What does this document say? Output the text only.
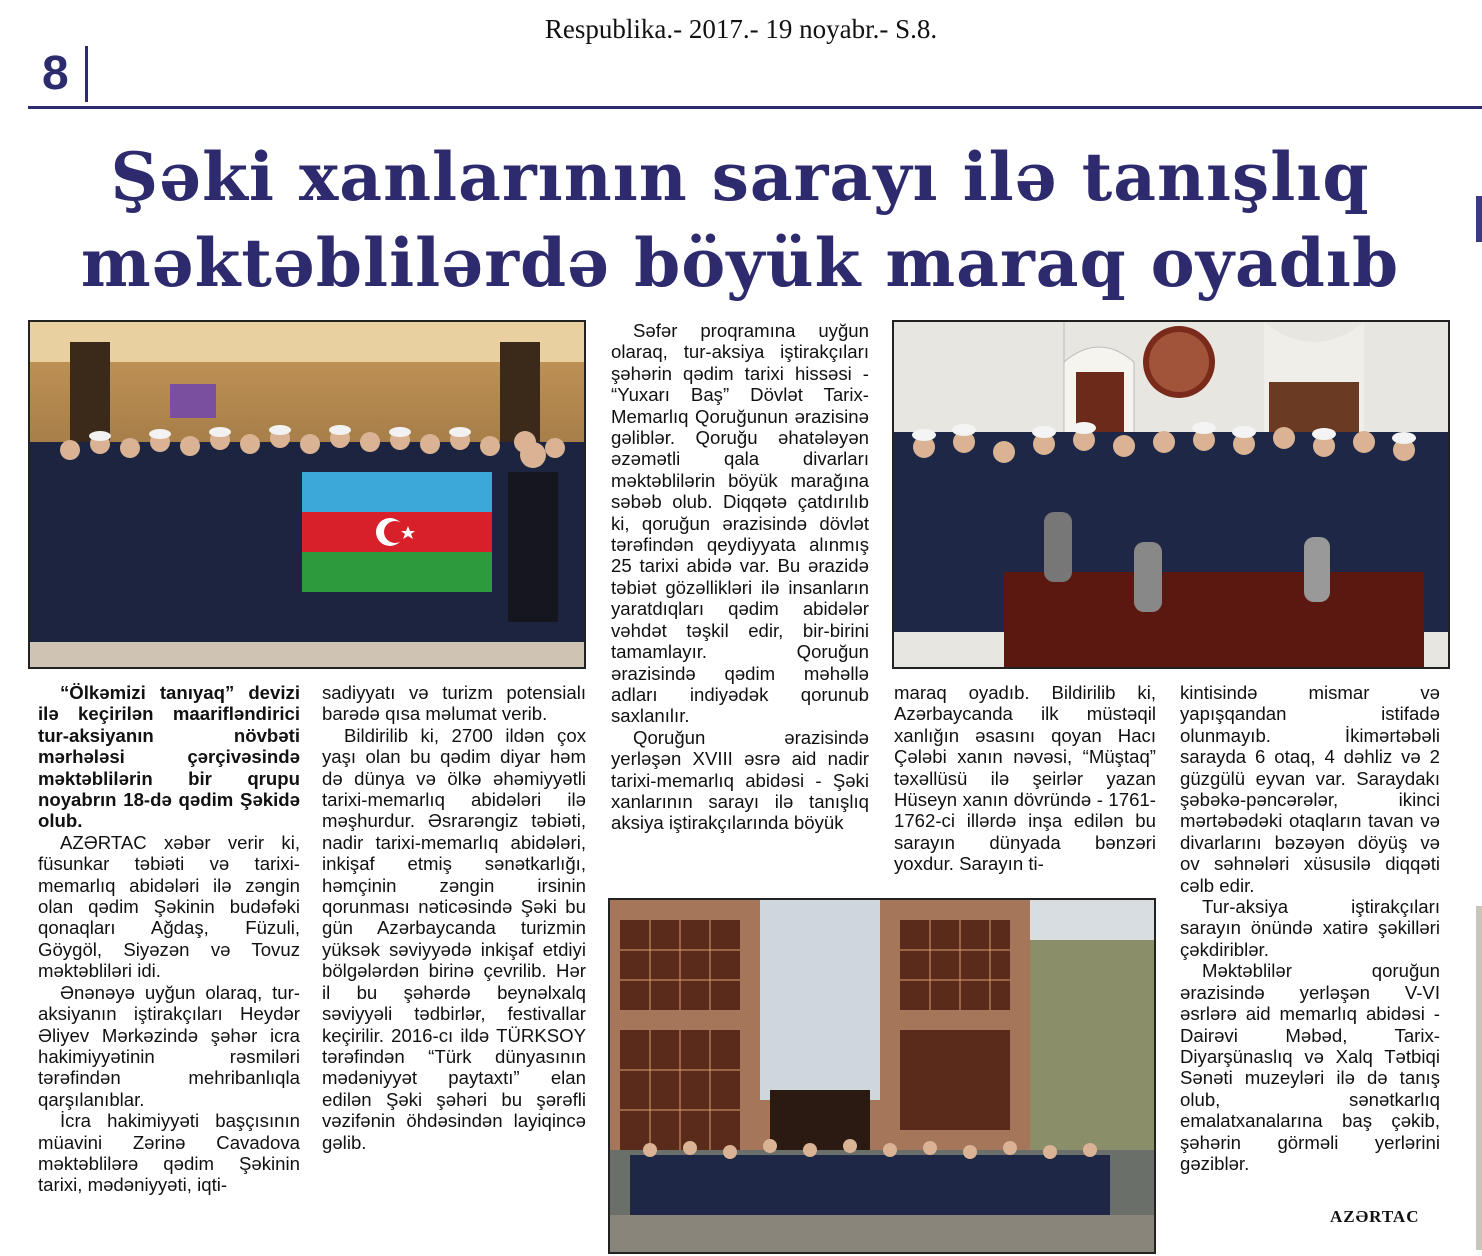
Respublika.- 2017.- 19 noyabr.- S.8.
8
Şəki xanlarının sarayı ilə tanışlıq
məktəblilərdə böyük maraq oyadıb

“Ölkəmizi tanıyaq” devizi ilə keçirilən maarifləndirici tur-aksiyanın növbəti mərhələsi çərçivəsində məktəblilərin bir qrupu noyabrın 18-də qədim Şəkidə olub.

AZƏRTAC xəbər verir ki, füsunkar təbiəti və tarixi-memarlıq abidələri ilə zəngin olan qədim Şəkinin budəfəki qonaqları Ağdaş, Füzuli, Göygöl, Siyəzən və Tovuz məktəbliləri idi.

Ənənəyə uyğun olaraq, tur-aksiyanın iştirakçıları Heydər Əliyev Mərkəzində şəhər icra hakimiyyətinin rəsmiləri tərəfindən mehribanlıqla qarşılanıblar.

İcra hakimiyyəti başçısının müavini Zərinə Cavadova məktəblilərə qədim Şəkinin tarixi, mədəniyyəti, iqti-

sadiyyatı və turizm potensialı barədə qısa məlumat verib.

Bildirilib ki, 2700 ildən çox yaşı olan bu qədim diyar həm də dünya və ölkə əhəmiyyətli tarixi-memarlıq abidələri ilə məşhurdur. Əsrarəngiz təbiəti, nadir tarixi-memarlıq abidələri, inkişaf etmiş sənətkarlığı, həmçinin zəngin irsinin qorunması nəticəsində Şəki bu gün Azərbaycanda turizmin yüksək səviyyədə inkişaf etdiyi bölgələrdən birinə çevrilib. Hər il bu şəhərdə beynəlxalq səviyyəli tədbirlər, festivallar keçirilir. 2016-cı ildə TÜRKSOY tərəfindən “Türk dünyasının mədəniyyət paytaxtı” elan edilən Şəki şəhəri bu şərəfli vəzifənin öhdəsindən layiqincə gəlib.

Səfər proqramına uyğun olaraq, tur-aksiya iştirakçıları şəhərin qədim tarixi hissəsi - “Yuxarı Baş” Dövlət Tarix-Memarlıq Qoruğunun ərazisinə gəliblər. Qoruğu əhatələyən əzəmətli qala divarları məktəblilərin böyük marağına səbəb olub. Diqqətə çatdırılıb ki, qoruğun ərazisində dövlət tərəfindən qeydiyyata alınmış 25 tarixi abidə var. Bu ərazidə təbiət gözəllikləri ilə insanların yaratdıqları qədim abidələr vəhdət təşkil edir, bir-birini tamamlayır. Qoruğun ərazisində qədim məhəllə adları indiyədək qorunub saxlanılır.

Qoruğun ərazisində yerləşən XVIII əsrə aid nadir tarixi-memarlıq abidəsi - Şəki xanlarının sarayı ilə tanışlıq aksiya iştirakçılarında böyük

maraq oyadıb. Bildirilib ki, Azərbaycanda ilk müstəqil xanlığın əsasını qoyan Hacı Çələbi xanın nəvəsi, “Müştaq” təxəllüsü ilə şeirlər yazan Hüseyn xanın dövründə - 1761-1762-ci illərdə inşa edilən bu sarayın dünyada bənzəri yoxdur. Sarayın ti-

kintisində mismar və yapışqandan istifadə olunmayıb. İkimərtəbəli sarayda 6 otaq, 4 dəhliz və 2 güzgülü eyvan var. Saraydakı şəbəkə-pəncərələr, ikinci mərtəbədəki otaqların tavan və divarlarını bəzəyən döyüş və ov səhnələri xüsusilə diqqəti cəlb edir.

Tur-aksiya iştirakçıları sarayın önündə xatirə şəkilləri çəkdiriblər.

Məktəblilər qoruğun ərazisində yerləşən V-VI əsrlərə aid memarlıq abidəsi - Dairəvi Məbəd, Tarix-Diyarşünaslıq və Xalq Tətbiqi Sənəti muzeyləri ilə də tanış olub, sənətkarlıq emalatxanalarına baş çəkib, şəhərin görməli yerlərini gəziblər.

AZƏRTAC
